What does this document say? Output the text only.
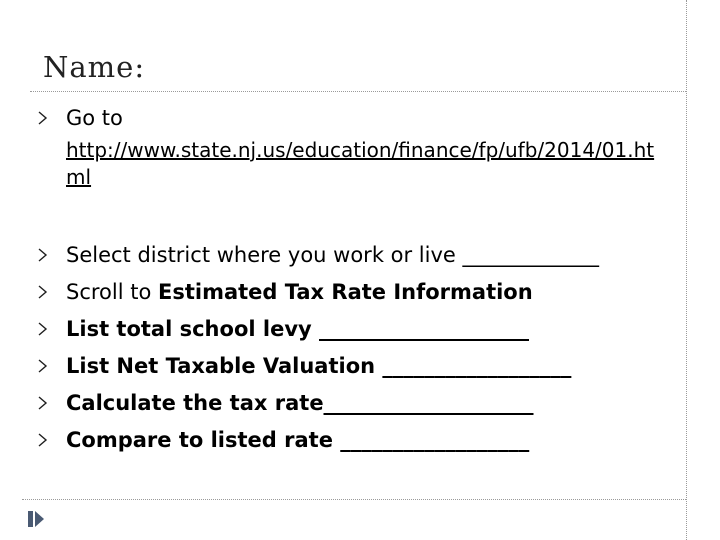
Name:
Go to
http://www.state.nj.us/education/finance/fp/ufb/2014/01.ht
ml
Select district where you work or live _____________
Scroll to Estimated Tax Rate Information
List total school levy ____________________
List Net Taxable Valuation __________________
Calculate the tax rate____________________
Compare to listed rate __________________
